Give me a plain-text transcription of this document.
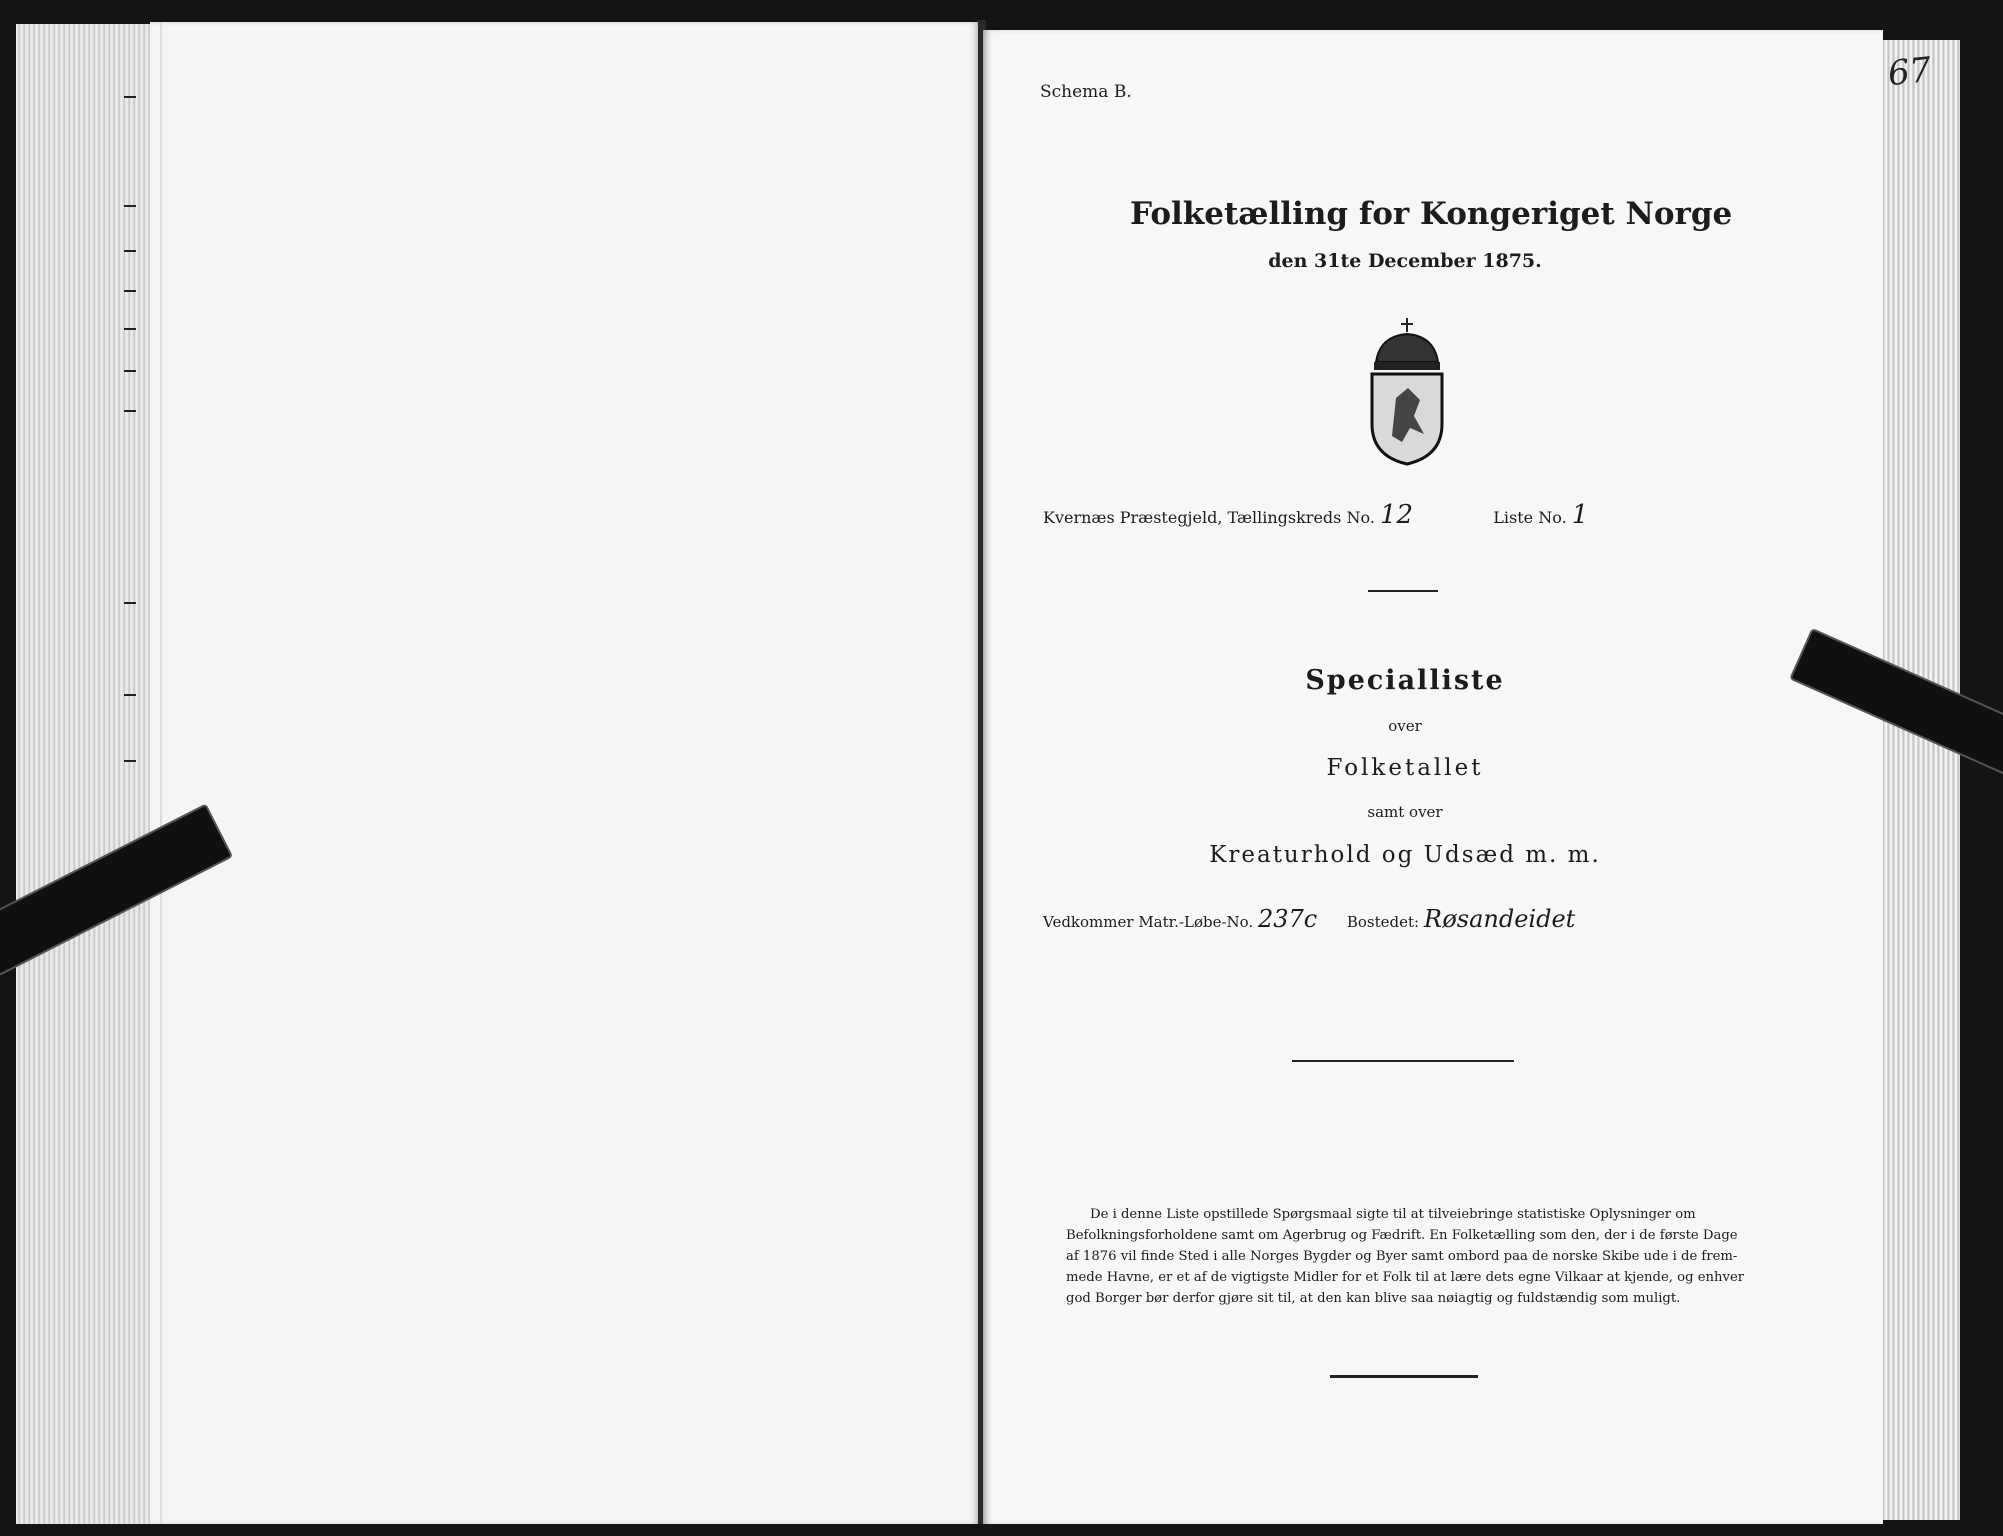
Schema B.	67
Folketælling for Kongeriget Norge
den 31te December 1875.
Kvernæs Præstegjeld, Tællingskreds No. 12	Liste No. 1
Specialliste
over
Folketallet
samt over
Kreaturhold og Udsæd m. m.
Vedkommer Matr.-Løbe-No. 237c Bostedet: Røsandeidet
De i denne Liste opstillede Spørgsmaal sigte til at tilveiebringe statistiske Oplysninger om
Befolkningsforholdene samt om Agerbrug og Fædrift. En Folketælling som den, der i de første Dage
af 1876 vil finde Sted i alle Norges Bygder og Byer samt ombord paa de norske Skibe ude i de frem-
mede Havne, er et af de vigtigste Midler for et Folk til at lære dets egne Vilkaar at kjende, og enhver
god Borger bør derfor gjøre sit til, at den kan blive saa nøiagtig og fuldstændig som muligt.
